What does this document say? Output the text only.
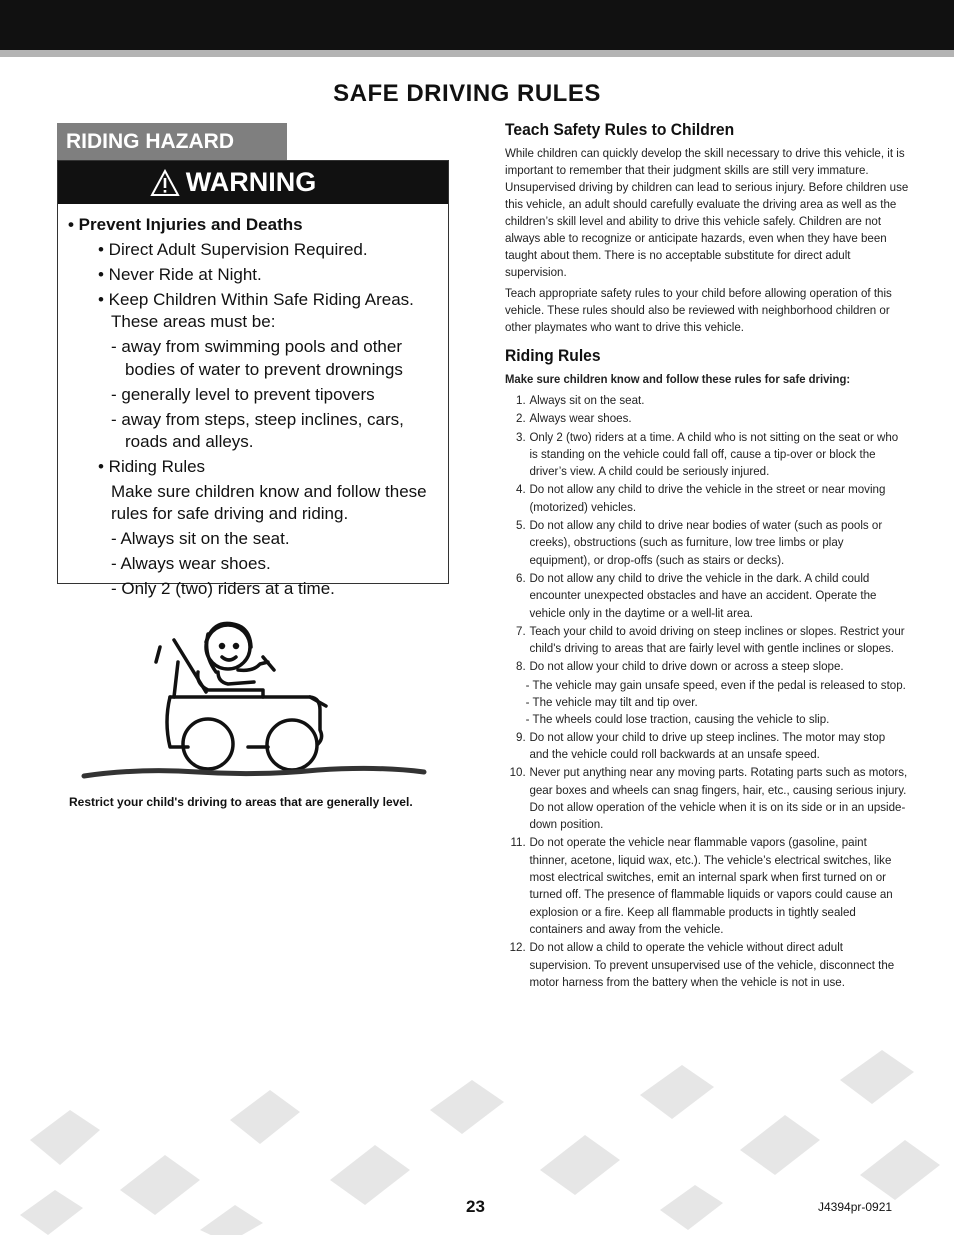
SAFE DRIVING RULES
RIDING HAZARD
WARNING
• Prevent Injuries and Deaths
• Direct Adult Supervision Required.
• Never Ride at Night.
• Keep Children Within Safe Riding Areas.
These areas must be:
- away from swimming pools and other bodies of water to prevent drownings
- generally level to prevent tipovers
- away from steps, steep inclines, cars, roads and alleys.
• Riding Rules
Make sure children know and follow these rules for safe driving and riding.
- Always sit on the seat.
- Always wear shoes.
- Only 2 (two) riders at a time.
Restrict your child's driving to areas that are generally level.
Teach Safety Rules to Children

While children can quickly develop the skill necessary to drive this vehicle, it is important to remember that their judgment skills are still very immature. Unsupervised driving by children can lead to serious injury. Before children use this vehicle, an adult should carefully evaluate the driving area as well as the children’s skill level and ability to drive this vehicle safely. Children are not always able to recognize or anticipate hazards, even when they have been taught about them. There is no acceptable substitute for direct adult supervision.

Teach appropriate safety rules to your child before allowing operation of this vehicle. These rules should also be reviewed with neighborhood children or other playmates who want to drive this vehicle.

Riding Rules

Make sure children know and follow these rules for safe driving:

1. Always sit on the seat.
2. Always wear shoes.
3. Only 2 (two) riders at a time. A child who is not sitting on the seat or who is standing on the vehicle could fall off, cause a tip-over or block the driver’s view. A child could be seriously injured.
4. Do not allow any child to drive the vehicle in the street or near moving (motorized) vehicles.
5. Do not allow any child to drive near bodies of water (such as pools or creeks), obstructions (such as furniture, low tree limbs or play equipment), or drop-offs (such as stairs or decks).
6. Do not allow any child to drive the vehicle in the dark. A child could encounter unexpected obstacles and have an accident. Operate the vehicle only in the daytime or a well-lit area.
7. Teach your child to avoid driving on steep inclines or slopes. Restrict your child's driving to areas that are fairly level with gentle inclines or slopes.
8. Do not allow your child to drive down or across a steep slope.
- The vehicle may gain unsafe speed, even if the pedal is released to stop.
- The vehicle may tilt and tip over.
- The wheels could lose traction, causing the vehicle to slip.
9. Do not allow your child to drive up steep inclines. The motor may stop and the vehicle could roll backwards at an unsafe speed.
10. Never put anything near any moving parts. Rotating parts such as motors, gear boxes and wheels can snag fingers, hair, etc., causing serious injury. Do not allow operation of the vehicle when it is on its side or in an upside-down position.
11. Do not operate the vehicle near flammable vapors (gasoline, paint thinner, acetone, liquid wax, etc.). The vehicle’s electrical switches, like most electrical switches, emit an internal spark when first turned on or turned off. The presence of flammable liquids or vapors could cause an explosion or a fire. Keep all flammable products in tightly sealed containers and away from the vehicle.
12. Do not allow a child to operate the vehicle without direct adult supervision. To prevent unsupervised use of the vehicle, disconnect the motor harness from the battery when the vehicle is not in use.
23	J4394pr-0921
